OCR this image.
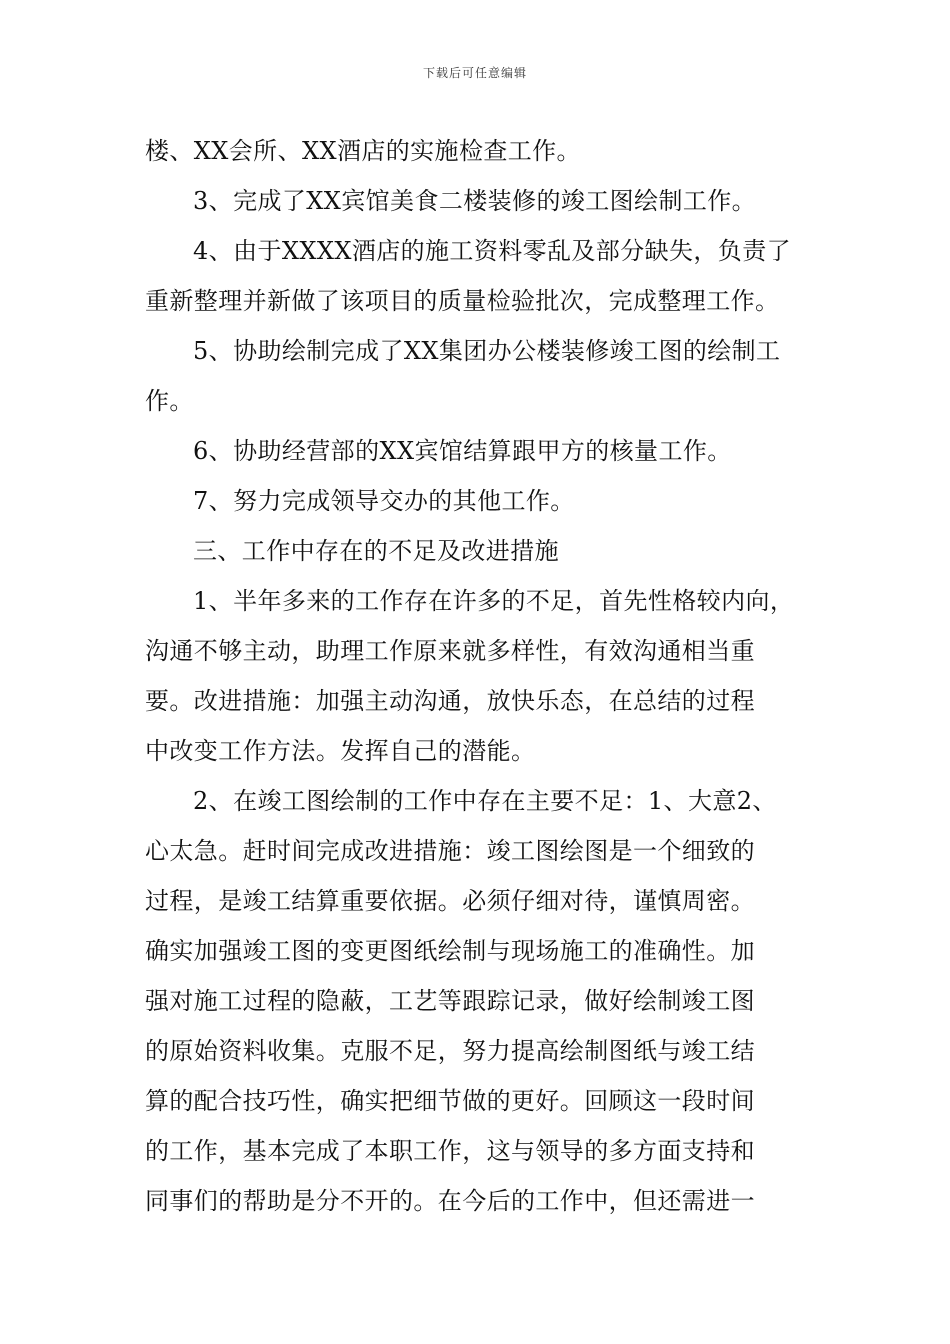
下载后可任意编辑
楼、XX会所、XX酒店的实施检查工作。
3、完成了XX宾馆美食二楼装修的竣工图绘制工作。
4、由于XXXX酒店的施工资料零乱及部分缺失，负责了
重新整理并新做了该项目的质量检验批次，完成整理工作。
5、协助绘制完成了XX集团办公楼装修竣工图的绘制工
作。
6、协助经营部的XX宾馆结算跟甲方的核量工作。
7、努力完成领导交办的其他工作。
三、工作中存在的不足及改进措施
1、半年多来的工作存在许多的不足，首先性格较内向，
沟通不够主动，助理工作原来就多样性，有效沟通相当重
要。改进措施：加强主动沟通，放快乐态，在总结的过程
中改变工作方法。发挥自己的潜能。
2、在竣工图绘制的工作中存在主要不足：1、大意2、
心太急。赶时间完成改进措施：竣工图绘图是一个细致的
过程，是竣工结算重要依据。必须仔细对待，谨慎周密。
确实加强竣工图的变更图纸绘制与现场施工的准确性。加
强对施工过程的隐蔽，工艺等跟踪记录，做好绘制竣工图
的原始资料收集。克服不足，努力提高绘制图纸与竣工结
算的配合技巧性，确实把细节做的更好。回顾这一段时间
的工作，基本完成了本职工作，这与领导的多方面支持和
同事们的帮助是分不开的。在今后的工作中，但还需进一
